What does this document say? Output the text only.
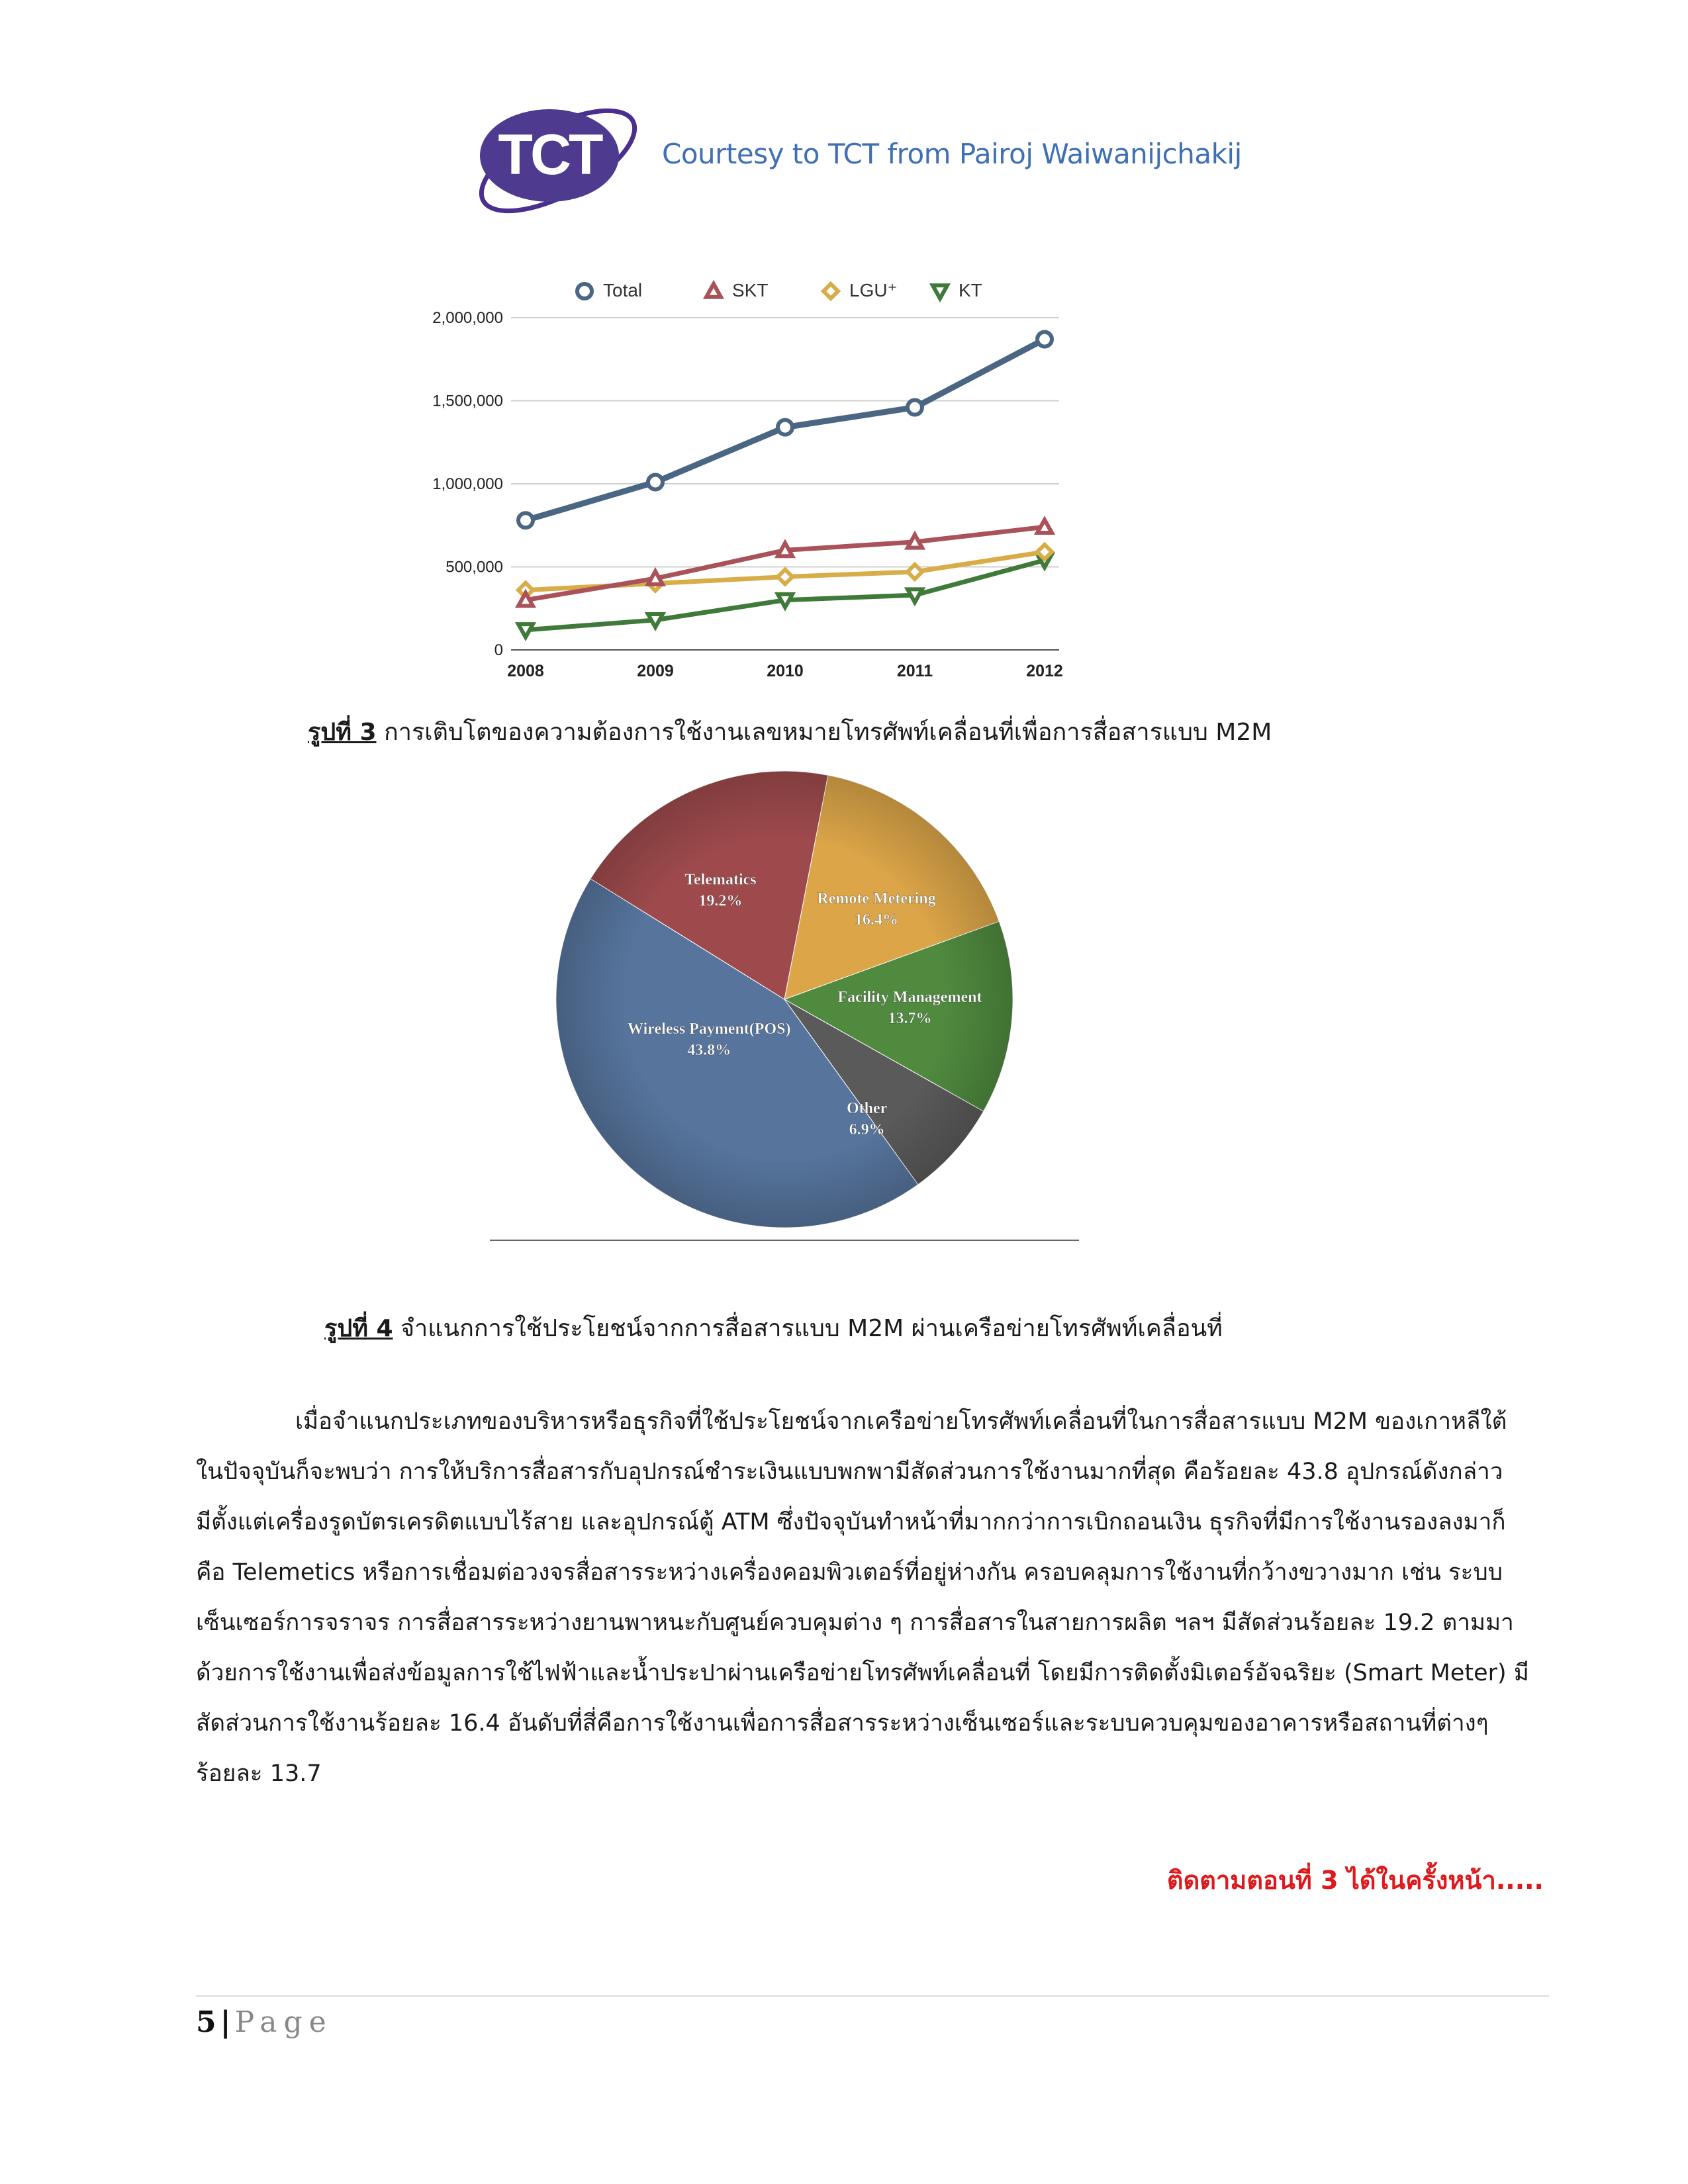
TCT Courtesy to TCT from Pairoj Waiwanijchakij
0
500,000
1,000,000
1,500,000
2,000,000
2008	2009	2010	2011	2012
Total	SKT	LGU⁺	KT
รูปที่ 3 การเติบโตของความต้องการใช้งานเลขหมายโทรศัพท์เคลื่อนที่เพื่อการสื่อสารแบบ M2M
Remote Metering
16.4%
Facility Management
13.7%
Other
6.9%
Wireless Payment(POS)
43.8%
Telematics
19.2%
รูปที่ 4 จำแนกการใช้ประโยชน์จากการสื่อสารแบบ M2M ผ่านเครือข่ายโทรศัพท์เคลื่อนที่

เมื่อจำแนกประเภทของบริหารหรือธุรกิจที่ใช้ประโยชน์จากเครือข่ายโทรศัพท์เคลื่อนที่ในการสื่อสารแบบ M2M ของเกาหลีใต้

ในปัจจุบันก็จะพบว่า การให้บริการสื่อสารกับอุปกรณ์ชำระเงินแบบพกพามีสัดส่วนการใช้งานมากที่สุด คือร้อยละ 43.8 อุปกรณ์ดังกล่าว

มีตั้งแต่เครื่องรูดบัตรเครดิตแบบไร้สาย และอุปกรณ์ตู้ ATM ซึ่งปัจจุบันทำหน้าที่มากกว่าการเบิกถอนเงิน ธุรกิจที่มีการใช้งานรองลงมาก็

คือ Telemetics หรือการเชื่อมต่อวงจรสื่อสารระหว่างเครื่องคอมพิวเตอร์ที่อยู่ห่างกัน ครอบคลุมการใช้งานที่กว้างขวางมาก เช่น ระบบ

เซ็นเซอร์การจราจร การสื่อสารระหว่างยานพาหนะกับศูนย์ควบคุมต่าง ๆ การสื่อสารในสายการผลิต ฯลฯ มีสัดส่วนร้อยละ 19.2 ตามมา

ด้วยการใช้งานเพื่อส่งข้อมูลการใช้ไฟฟ้าและน้ำประปาผ่านเครือข่ายโทรศัพท์เคลื่อนที่ โดยมีการติดตั้งมิเตอร์อัจฉริยะ (Smart Meter) มี

สัดส่วนการใช้งานร้อยละ 16.4 อันดับที่สี่คือการใช้งานเพื่อการสื่อสารระหว่างเซ็นเซอร์และระบบควบคุมของอาคารหรือสถานที่ต่างๆ

ร้อยละ 13.7

ติดตามตอนที่ 3 ได้ในครั้งหน้า.....
5 | Page
